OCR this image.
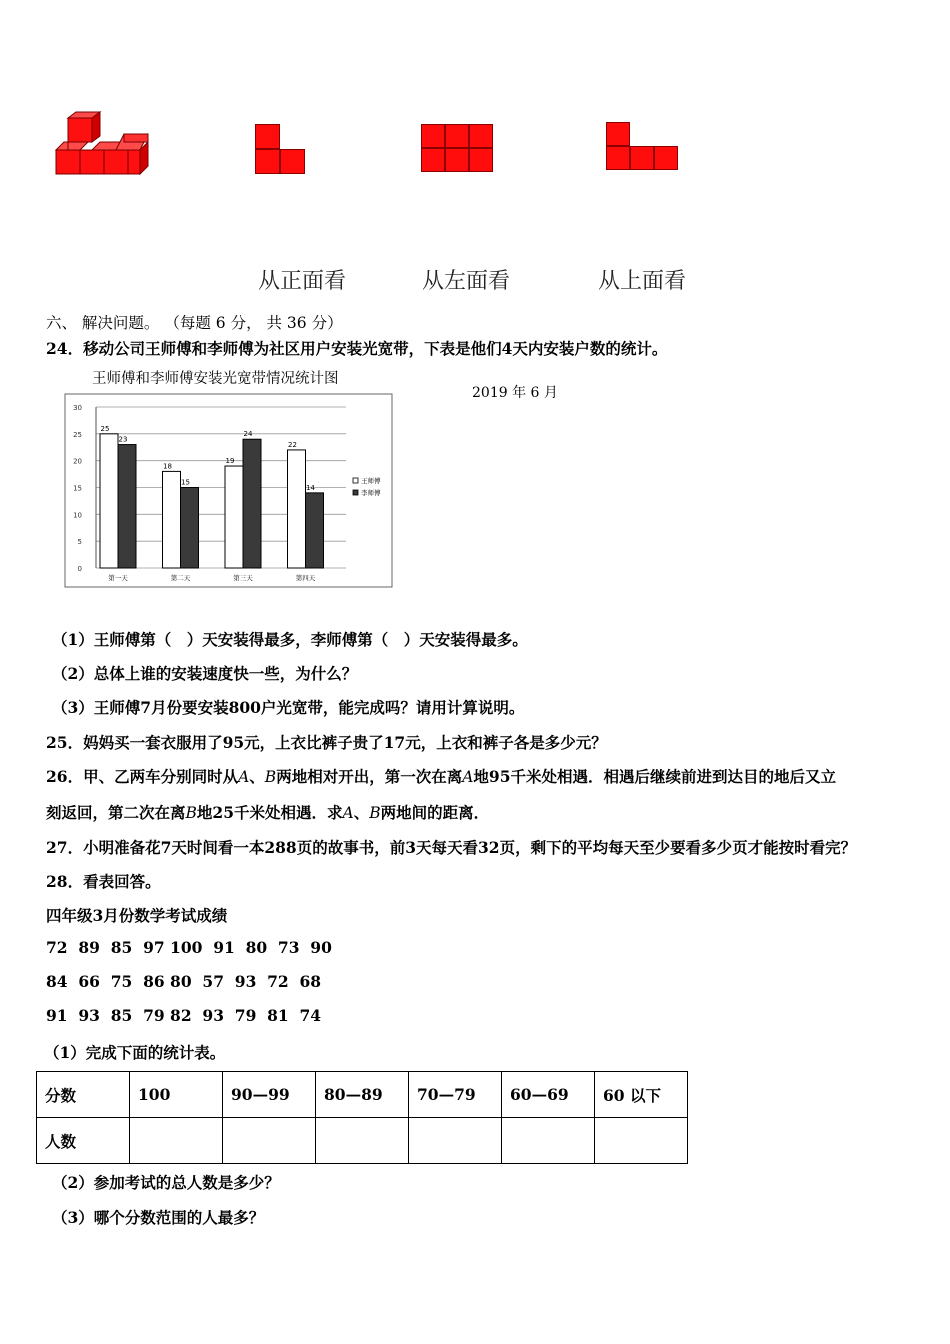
从正面看	从左面看	从上面看
六、 解决问题。 （每题 6 分， 共 36 分）
24．移动公司王师傅和李师傅为社区用户安装光宽带，下表是他们4天内安装户数的统计。
王师傅和李师傅安装光宽带情况统计图
2019 年 6 月
0
5
10
15
20
25
30
25
23
第一天
18
15
第二天
19
24
第三天
22
14
第四天
王师傅
李师傅
（1）王师傅第（　）天安装得最多，李师傅第（　）天安装得最多。
（2）总体上谁的安装速度快一些，为什么？
（3）王师傅7月份要安装800户光宽带，能完成吗？请用计算说明。
25．妈妈买一套衣服用了95元，上衣比裤子贵了17元，上衣和裤子各是多少元？
26．甲、乙两车分别同时从A、B两地相对开出，第一次在离A地95千米处相遇．相遇后继续前进到达目的地后又立
刻返回，第二次在离B地25千米处相遇．求A、B两地间的距离．
27．小明准备花7天时间看一本288页的故事书，前3天每天看32页，剩下的平均每天至少要看多少页才能按时看完？
28．看表回答。
四年级3月份数学考试成绩
72  89  85  97 100  91  80  73  90
84  66  75  86 80  57  93  72  68
91  93  85  79 82  93  79  81  74
（1）完成下面的统计表。
分数	100	90—99	80—89	70—79	60—69	60 以下
人数						
（2）参加考试的总人数是多少？
（3）哪个分数范围的人最多？
